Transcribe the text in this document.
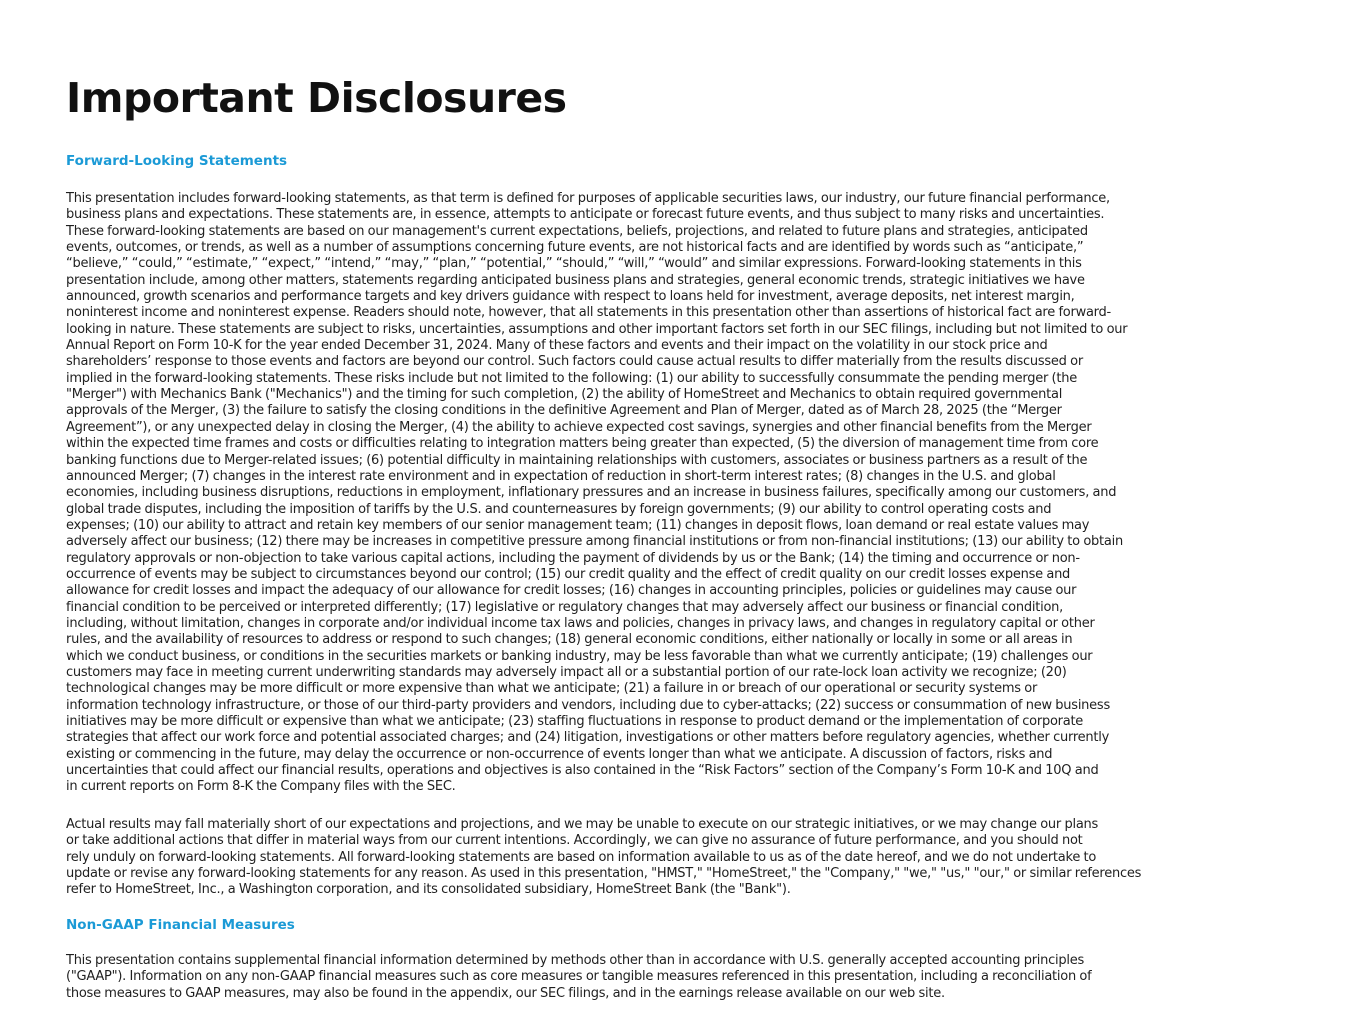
Important Disclosures
Forward-Looking Statements

This presentation includes forward-looking statements, as that term is defined for purposes of applicable securities laws, our industry, our future financial performance,
business plans and expectations. These statements are, in essence, attempts to anticipate or forecast future events, and thus subject to many risks and uncertainties.
These forward-looking statements are based on our management's current expectations, beliefs, projections, and related to future plans and strategies, anticipated
events, outcomes, or trends, as well as a number of assumptions concerning future events, are not historical facts and are identified by words such as “anticipate,”
“believe,” “could,” “estimate,” “expect,” “intend,” “may,” “plan,” “potential,” “should,” “will,” “would” and similar expressions. Forward-looking statements in this
presentation include, among other matters, statements regarding anticipated business plans and strategies, general economic trends, strategic initiatives we have
announced, growth scenarios and performance targets and key drivers guidance with respect to loans held for investment, average deposits, net interest margin,
noninterest income and noninterest expense. Readers should note, however, that all statements in this presentation other than assertions of historical fact are forward-
looking in nature. These statements are subject to risks, uncertainties, assumptions and other important factors set forth in our SEC filings, including but not limited to our
Annual Report on Form 10-K for the year ended December 31, 2024. Many of these factors and events and their impact on the volatility in our stock price and
shareholders’ response to those events and factors are beyond our control. Such factors could cause actual results to differ materially from the results discussed or
implied in the forward-looking statements. These risks include but not limited to the following: (1) our ability to successfully consummate the pending merger (the
"Merger") with Mechanics Bank ("Mechanics") and the timing for such completion, (2) the ability of HomeStreet and Mechanics to obtain required governmental
approvals of the Merger, (3) the failure to satisfy the closing conditions in the definitive Agreement and Plan of Merger, dated as of March 28, 2025 (the “Merger
Agreement”), or any unexpected delay in closing the Merger, (4) the ability to achieve expected cost savings, synergies and other financial benefits from the Merger
within the expected time frames and costs or difficulties relating to integration matters being greater than expected, (5) the diversion of management time from core
banking functions due to Merger-related issues; (6) potential difficulty in maintaining relationships with customers, associates or business partners as a result of the
announced Merger; (7) changes in the interest rate environment and in expectation of reduction in short-term interest rates; (8) changes in the U.S. and global
economies, including business disruptions, reductions in employment, inflationary pressures and an increase in business failures, specifically among our customers, and
global trade disputes, including the imposition of tariffs by the U.S. and counterneasures by foreign governments; (9) our ability to control operating costs and
expenses; (10) our ability to attract and retain key members of our senior management team; (11) changes in deposit flows, loan demand or real estate values may
adversely affect our business; (12) there may be increases in competitive pressure among financial institutions or from non-financial institutions; (13) our ability to obtain
regulatory approvals or non-objection to take various capital actions, including the payment of dividends by us or the Bank; (14) the timing and occurrence or non-
occurrence of events may be subject to circumstances beyond our control; (15) our credit quality and the effect of credit quality on our credit losses expense and
allowance for credit losses and impact the adequacy of our allowance for credit losses; (16) changes in accounting principles, policies or guidelines may cause our
financial condition to be perceived or interpreted differently; (17) legislative or regulatory changes that may adversely affect our business or financial condition,
including, without limitation, changes in corporate and/or individual income tax laws and policies, changes in privacy laws, and changes in regulatory capital or other
rules, and the availability of resources to address or respond to such changes; (18) general economic conditions, either nationally or locally in some or all areas in
which we conduct business, or conditions in the securities markets or banking industry, may be less favorable than what we currently anticipate; (19) challenges our
customers may face in meeting current underwriting standards may adversely impact all or a substantial portion of our rate-lock loan activity we recognize; (20)
technological changes may be more difficult or more expensive than what we anticipate; (21) a failure in or breach of our operational or security systems or
information technology infrastructure, or those of our third-party providers and vendors, including due to cyber-attacks; (22) success or consummation of new business
initiatives may be more difficult or expensive than what we anticipate; (23) staffing fluctuations in response to product demand or the implementation of corporate
strategies that affect our work force and potential associated charges; and (24) litigation, investigations or other matters before regulatory agencies, whether currently
existing or commencing in the future, may delay the occurrence or non-occurrence of events longer than what we anticipate. A discussion of factors, risks and
uncertainties that could affect our financial results, operations and objectives is also contained in the “Risk Factors” section of the Company’s Form 10-K and 10Q and
in current reports on Form 8-K the Company files with the SEC.

Actual results may fall materially short of our expectations and projections, and we may be unable to execute on our strategic initiatives, or we may change our plans
or take additional actions that differ in material ways from our current intentions. Accordingly, we can give no assurance of future performance, and you should not
rely unduly on forward-looking statements. All forward-looking statements are based on information available to us as of the date hereof, and we do not undertake to
update or revise any forward-looking statements for any reason. As used in this presentation, "HMST," "HomeStreet," the "Company," "we," "us," "our," or similar references
refer to HomeStreet, Inc., a Washington corporation, and its consolidated subsidiary, HomeStreet Bank (the "Bank").

Non-GAAP Financial Measures

This presentation contains supplemental financial information determined by methods other than in accordance with U.S. generally accepted accounting principles
("GAAP"). Information on any non-GAAP financial measures such as core measures or tangible measures referenced in this presentation, including a reconciliation of
those measures to GAAP measures, may also be found in the appendix, our SEC filings, and in the earnings release available on our web site.
